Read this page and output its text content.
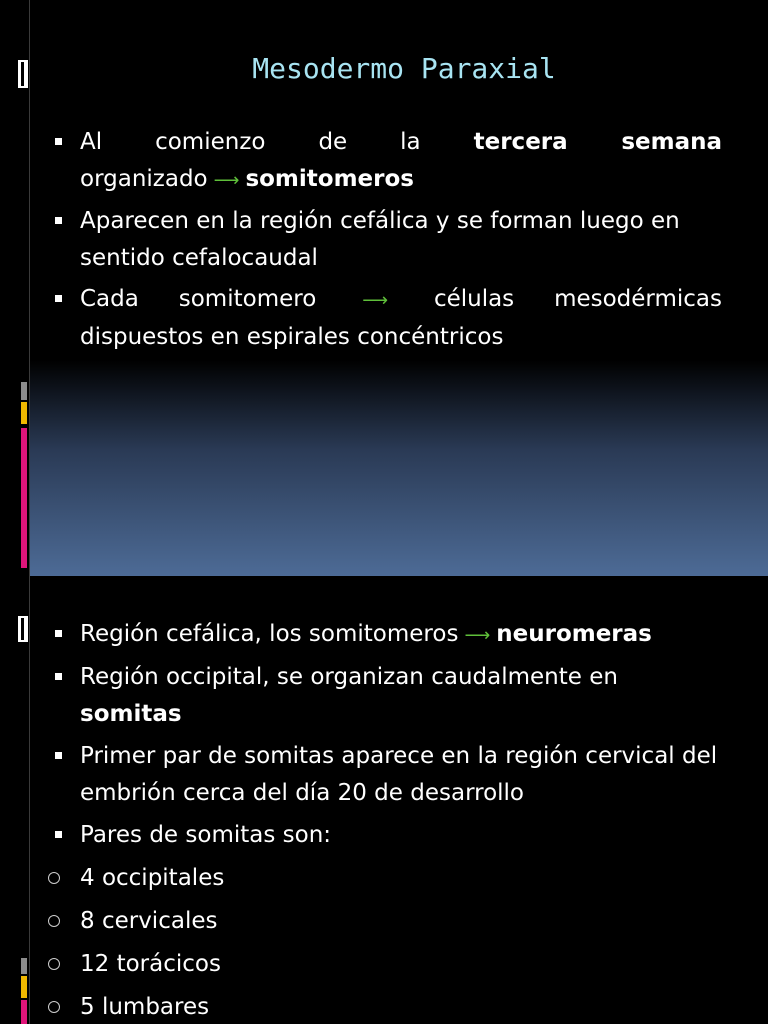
Mesodermo Paraxial
Al comienzo de la tercera semana
organizado ⟶ somitomeros
Aparecen en la región cefálica y se forman luego en sentido cefalocaudal
Cada somitomero	⟶ células mesodérmicas
dispuestos en espirales concéntricos
Región cefálica, los somitomeros ⟶ neuromeras
Región occipital, se organizan caudalmente en
somitas
Primer par de somitas aparece en la región cervical del embrión cerca del día 20 de desarrollo
Pares de somitas son:
4 occipitales
8 cervicales
12 torácicos
5 lumbares
